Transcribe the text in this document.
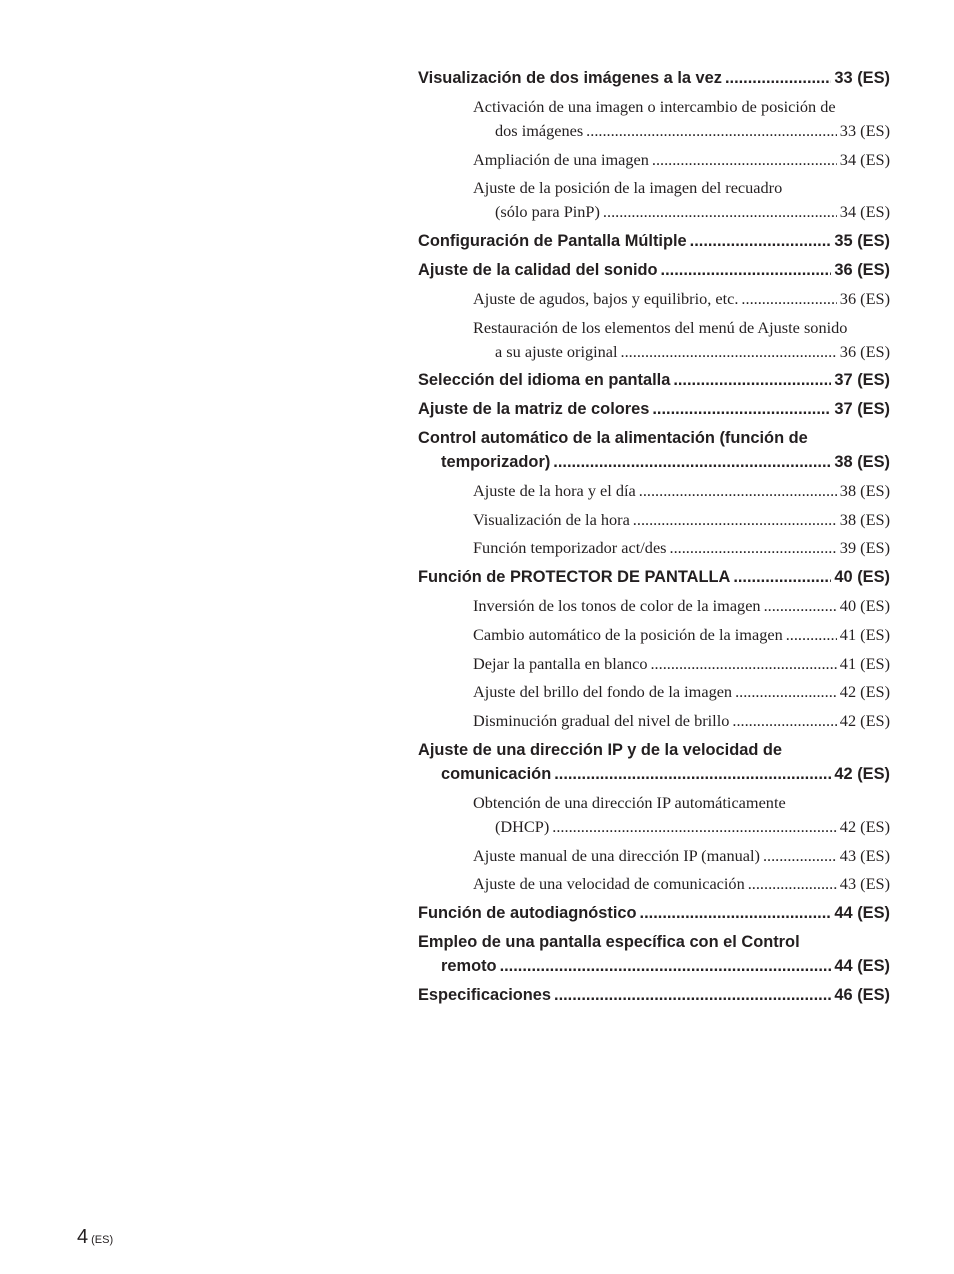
Visualización de dos imágenes a la vez .....	33 (ES)
Activación de una imagen o intercambio de posición de
dos imágenes .....	33 (ES)
Ampliación de una imagen .....	34 (ES)
Ajuste de la posición de la imagen del recuadro
(sólo para PinP) .....	34 (ES)
Configuración de Pantalla Múltiple .....	35 (ES)
Ajuste de la calidad del sonido .....	36 (ES)
Ajuste de agudos, bajos y equilibrio, etc. .....	36 (ES)
Restauración de los elementos del menú de Ajuste sonido
a su ajuste original .....	36 (ES)
Selección del idioma en pantalla .....	37 (ES)
Ajuste de la matriz de colores .....	37 (ES)
Control automático de la alimentación (función de
temporizador) .....	38 (ES)
Ajuste de la hora y el día .....	38 (ES)
Visualización de la hora .....	38 (ES)
Función temporizador act/des .....	39 (ES)
Función de PROTECTOR DE PANTALLA .....	40 (ES)
Inversión de los tonos de color de la imagen .....	40 (ES)
Cambio automático de la posición de la imagen .....	41 (ES)
Dejar la pantalla en blanco .....	41 (ES)
Ajuste del brillo del fondo de la imagen .....	42 (ES)
Disminución gradual del nivel de brillo .....	42 (ES)
Ajuste de una dirección IP y de la velocidad de
comunicación .....	42 (ES)
Obtención de una dirección IP automáticamente
(DHCP) .....	42 (ES)
Ajuste manual de una dirección IP (manual) .....	43 (ES)
Ajuste de una velocidad de comunicación .....	43 (ES)
Función de autodiagnóstico .....	44 (ES)
Empleo de una pantalla específica con el Control
remoto .....	44 (ES)
Especificaciones .....	46 (ES)
4 (ES)
